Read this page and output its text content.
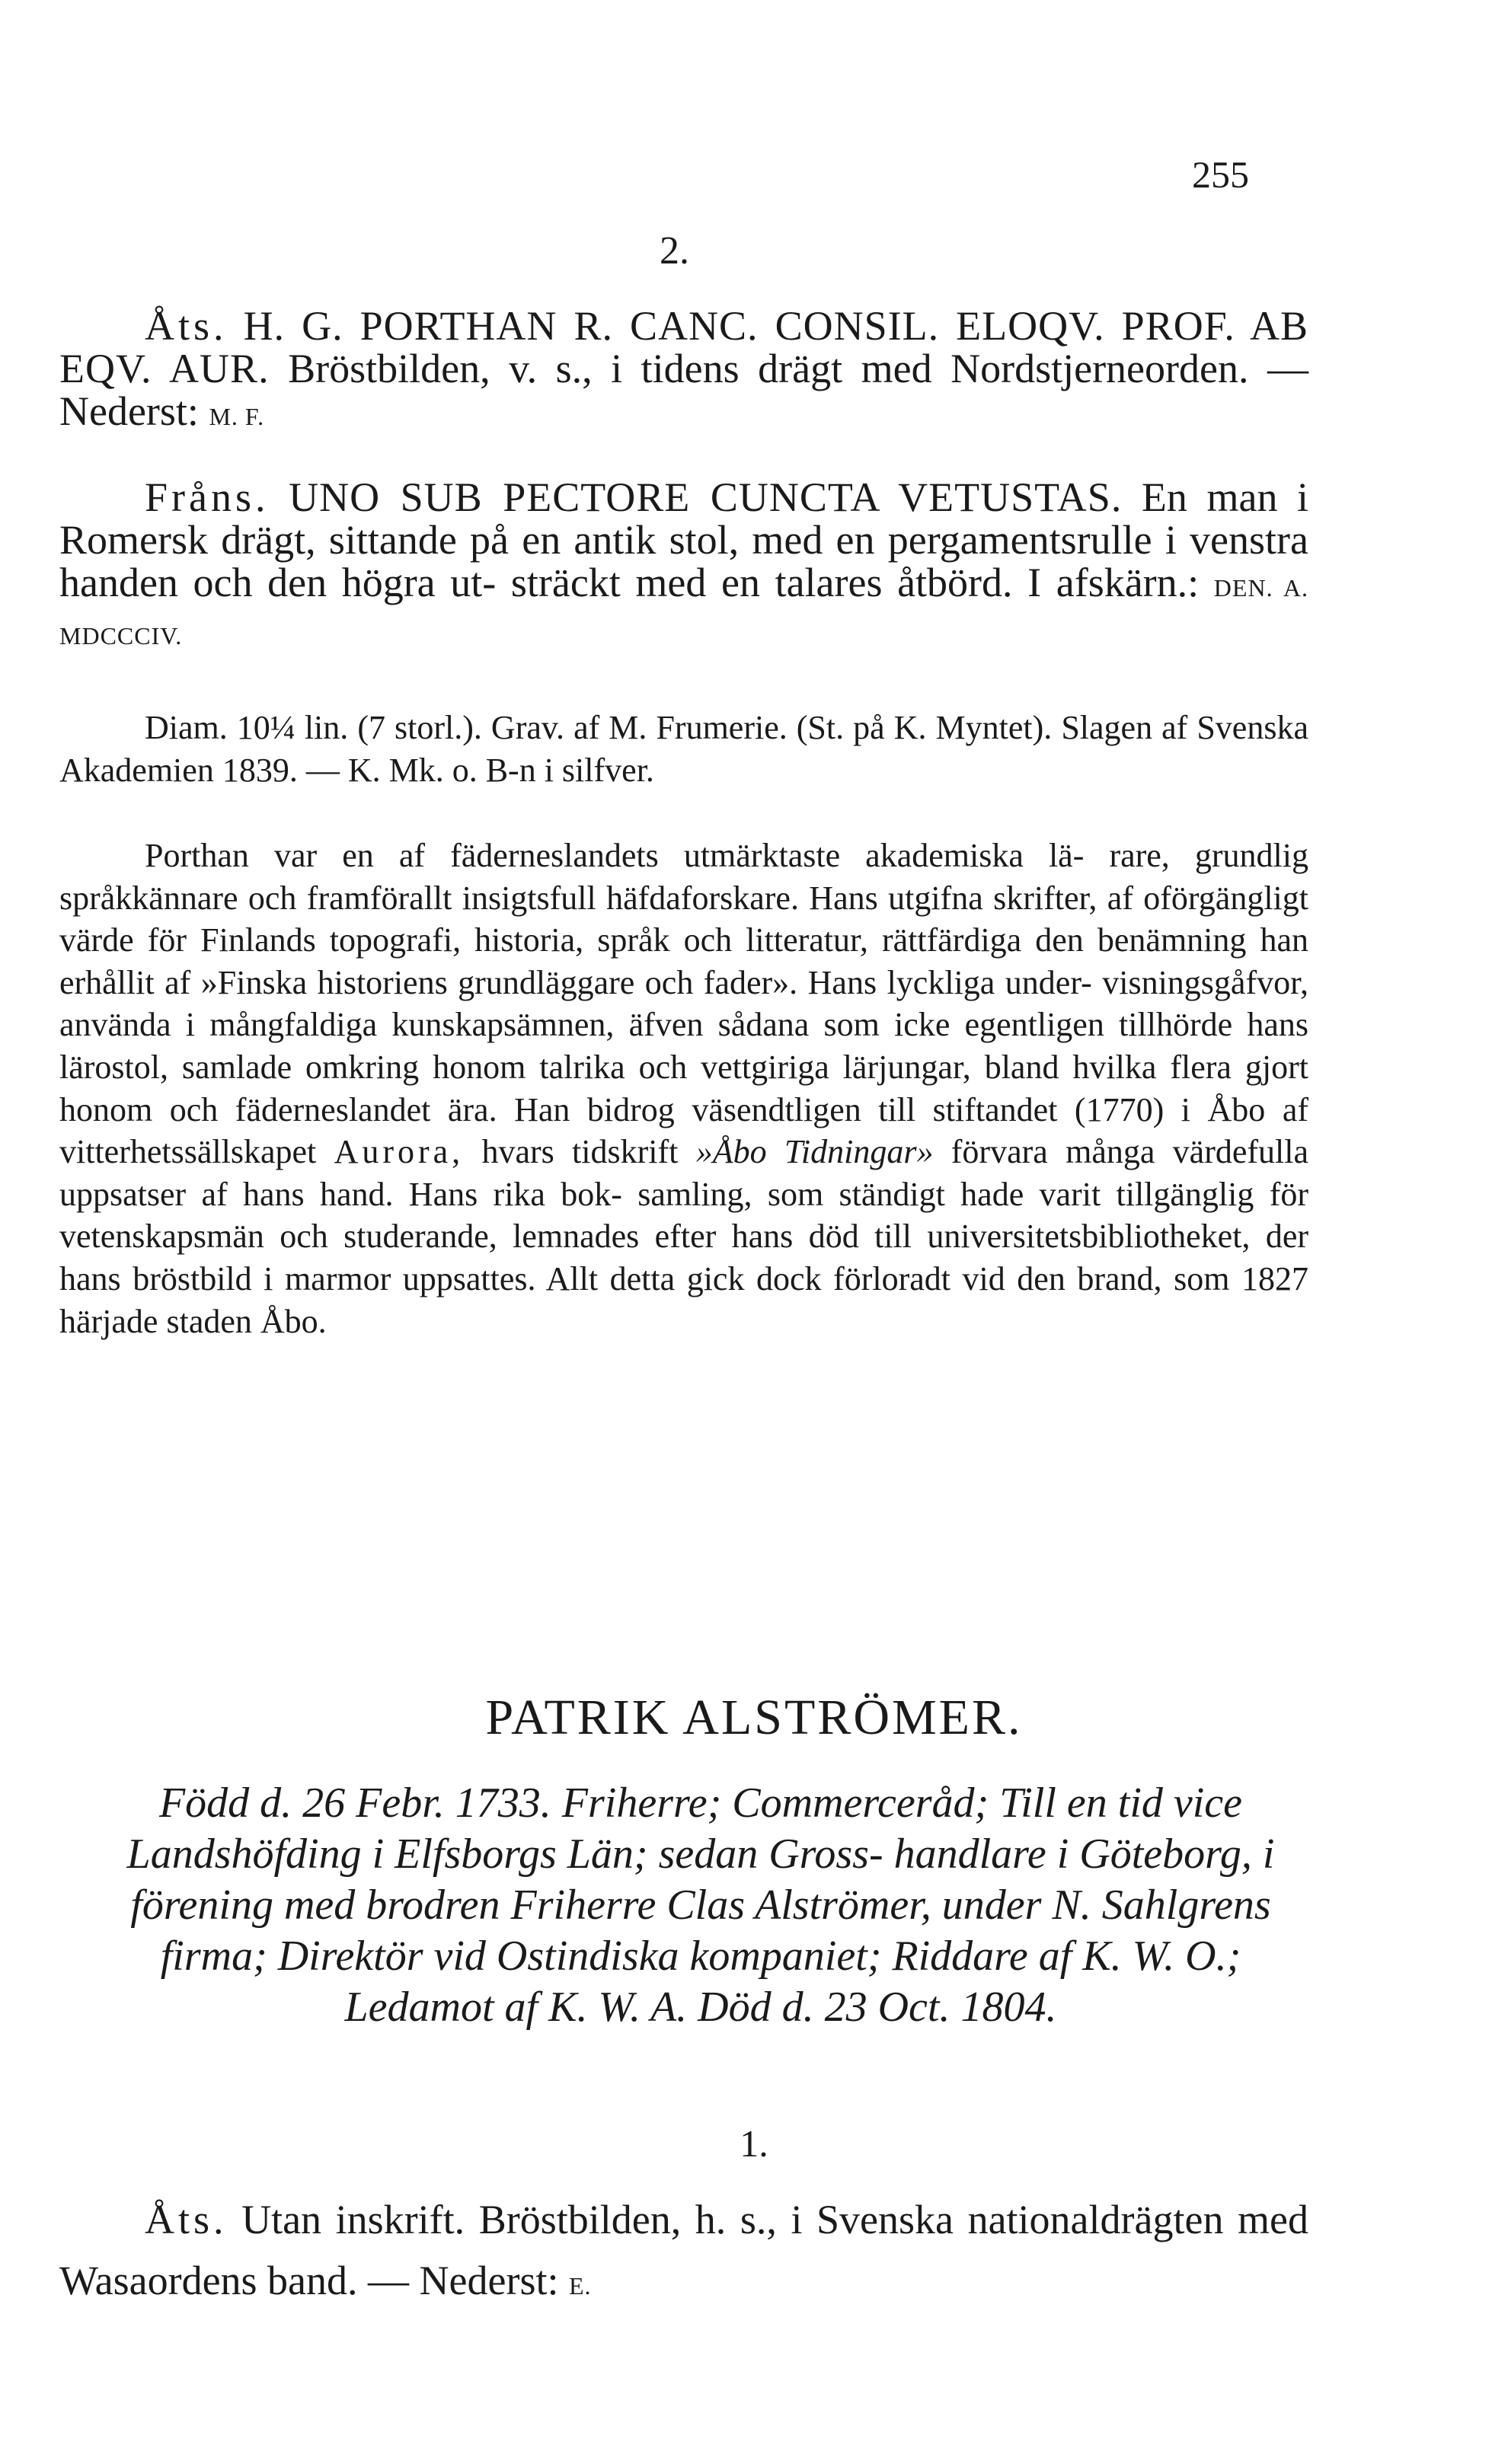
255
2.

Åts. H. G. PORTHAN R. CANC. CONSIL. ELOQV. PROF. AB EQV. AUR. Bröstbilden, v. s., i tidens drägt med Nordstjerneorden. — Nederst: M. F.

Fråns. UNO SUB PECTORE CUNCTA VETUSTAS. En man i Romersk drägt, sittande på en antik stol, med en pergamentsrulle i venstra handen och den högra ut- sträckt med en talares åtbörd. I afskärn.: DEN. A. MDCCCIV.

Diam. 10¼ lin. (7 storl.). Grav. af M. Frumerie. (St. på K. Myntet). Slagen af Svenska Akademien 1839. — K. Mk. o. B-n i silfver.

Porthan var en af fäderneslandets utmärktaste akademiska lä- rare, grundlig språkkännare och framförallt insigtsfull häfdaforskare. Hans utgifna skrifter, af oförgängligt värde för Finlands topografi, historia, språk och litteratur, rättfärdiga den benämning han erhållit af »Finska historiens grundläggare och fader». Hans lyckliga under- visningsgåfvor, använda i mångfaldiga kunskapsämnen, äfven sådana som icke egentligen tillhörde hans lärostol, samlade omkring honom talrika och vettgiriga lärjungar, bland hvilka flera gjort honom och fäderneslandet ära. Han bidrog väsendtligen till stiftandet (1770) i Åbo af vitterhetssällskapet Aurora, hvars tidskrift »Åbo Tidningar» förvara många värdefulla uppsatser af hans hand. Hans rika bok- samling, som ständigt hade varit tillgänglig för vetenskapsmän och studerande, lemnades efter hans död till universitetsbibliotheket, der hans bröstbild i marmor uppsattes. Allt detta gick dock förloradt vid den brand, som 1827 härjade staden Åbo.

PATRIK ALSTRÖMER.
Född d. 26 Febr. 1733. Friherre; Commerceråd; Till en tid vice Landshöfding i Elfsborgs Län; sedan Gross- handlare i Göteborg, i förening med brodren Friherre Clas Alströmer, under N. Sahlgrens firma; Direktör vid Ostindiska kompaniet; Riddare af K. W. O.; Ledamot af K. W. A. Död d. 23 Oct. 1804.
1.

Åts. Utan inskrift. Bröstbilden, h. s., i Svenska nationaldrägten med Wasaordens band. — Nederst: E.
